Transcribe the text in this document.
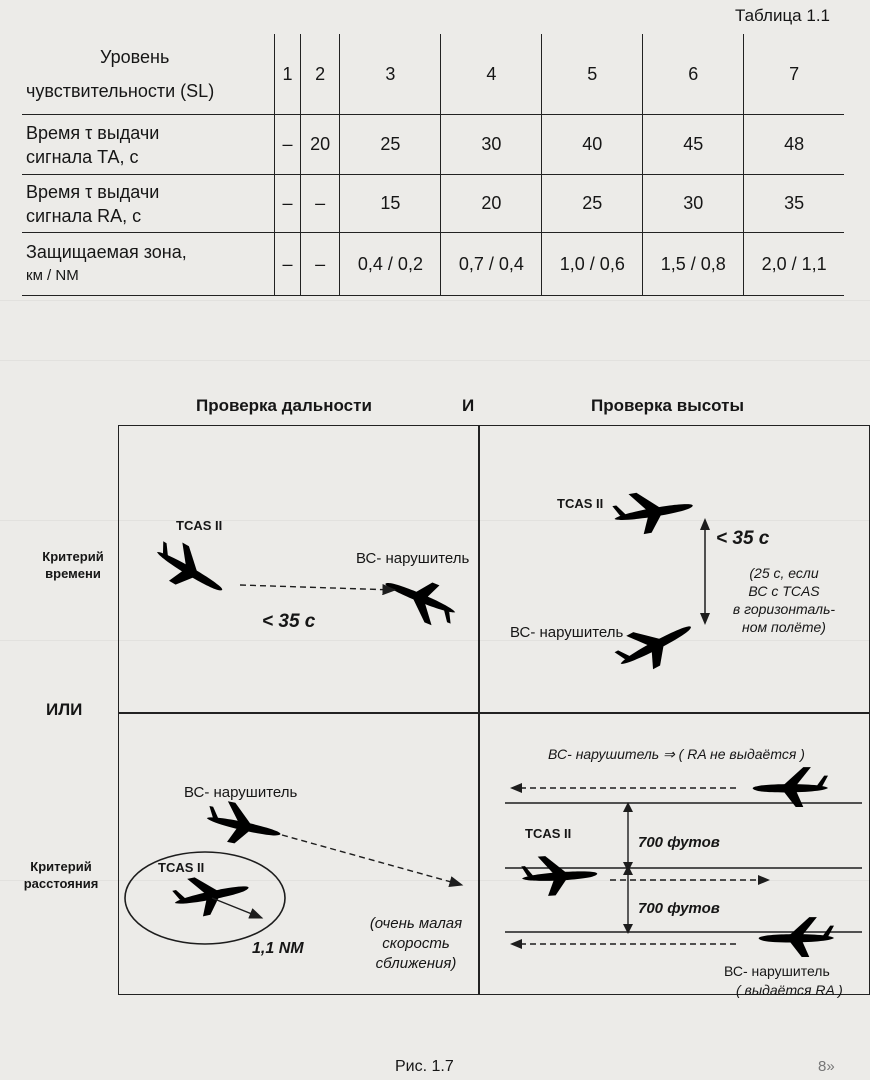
Таблица 1.1
Уровень
чувствительности (SL)	1	2	3	4	5	6	7

Время τ выдачи
сигнала ТА, с	–	20	25	30	40	45	48

Время τ выдачи
сигнала RA, с	–	–	15	20	25	30	35

Защищаемая зона,
км / NM	–	–	0,4 / 0,2	0,7 / 0,4	1,0 / 0,6	1,5 / 0,8	2,0 / 1,1
Проверка дальности	И	Проверка высоты
Критерий
времени
ИЛИ
Критерий
расстояния
TCAS II
ВС- нарушитель
< 35 с
TCAS II
< 35 с
(25 с, если
ВС с TCAS
в горизонталь-
ном полёте)
ВС- нарушитель
ВС- нарушитель
TCAS II
1,1 NM
(очень малая
скорость
сближения)
ВС- нарушитель ⇒ ( RA не выдаётся )
TCAS II
700 футов
700 футов
ВС- нарушитель
( выдаётся RA )
Рис. 1.7	8»
